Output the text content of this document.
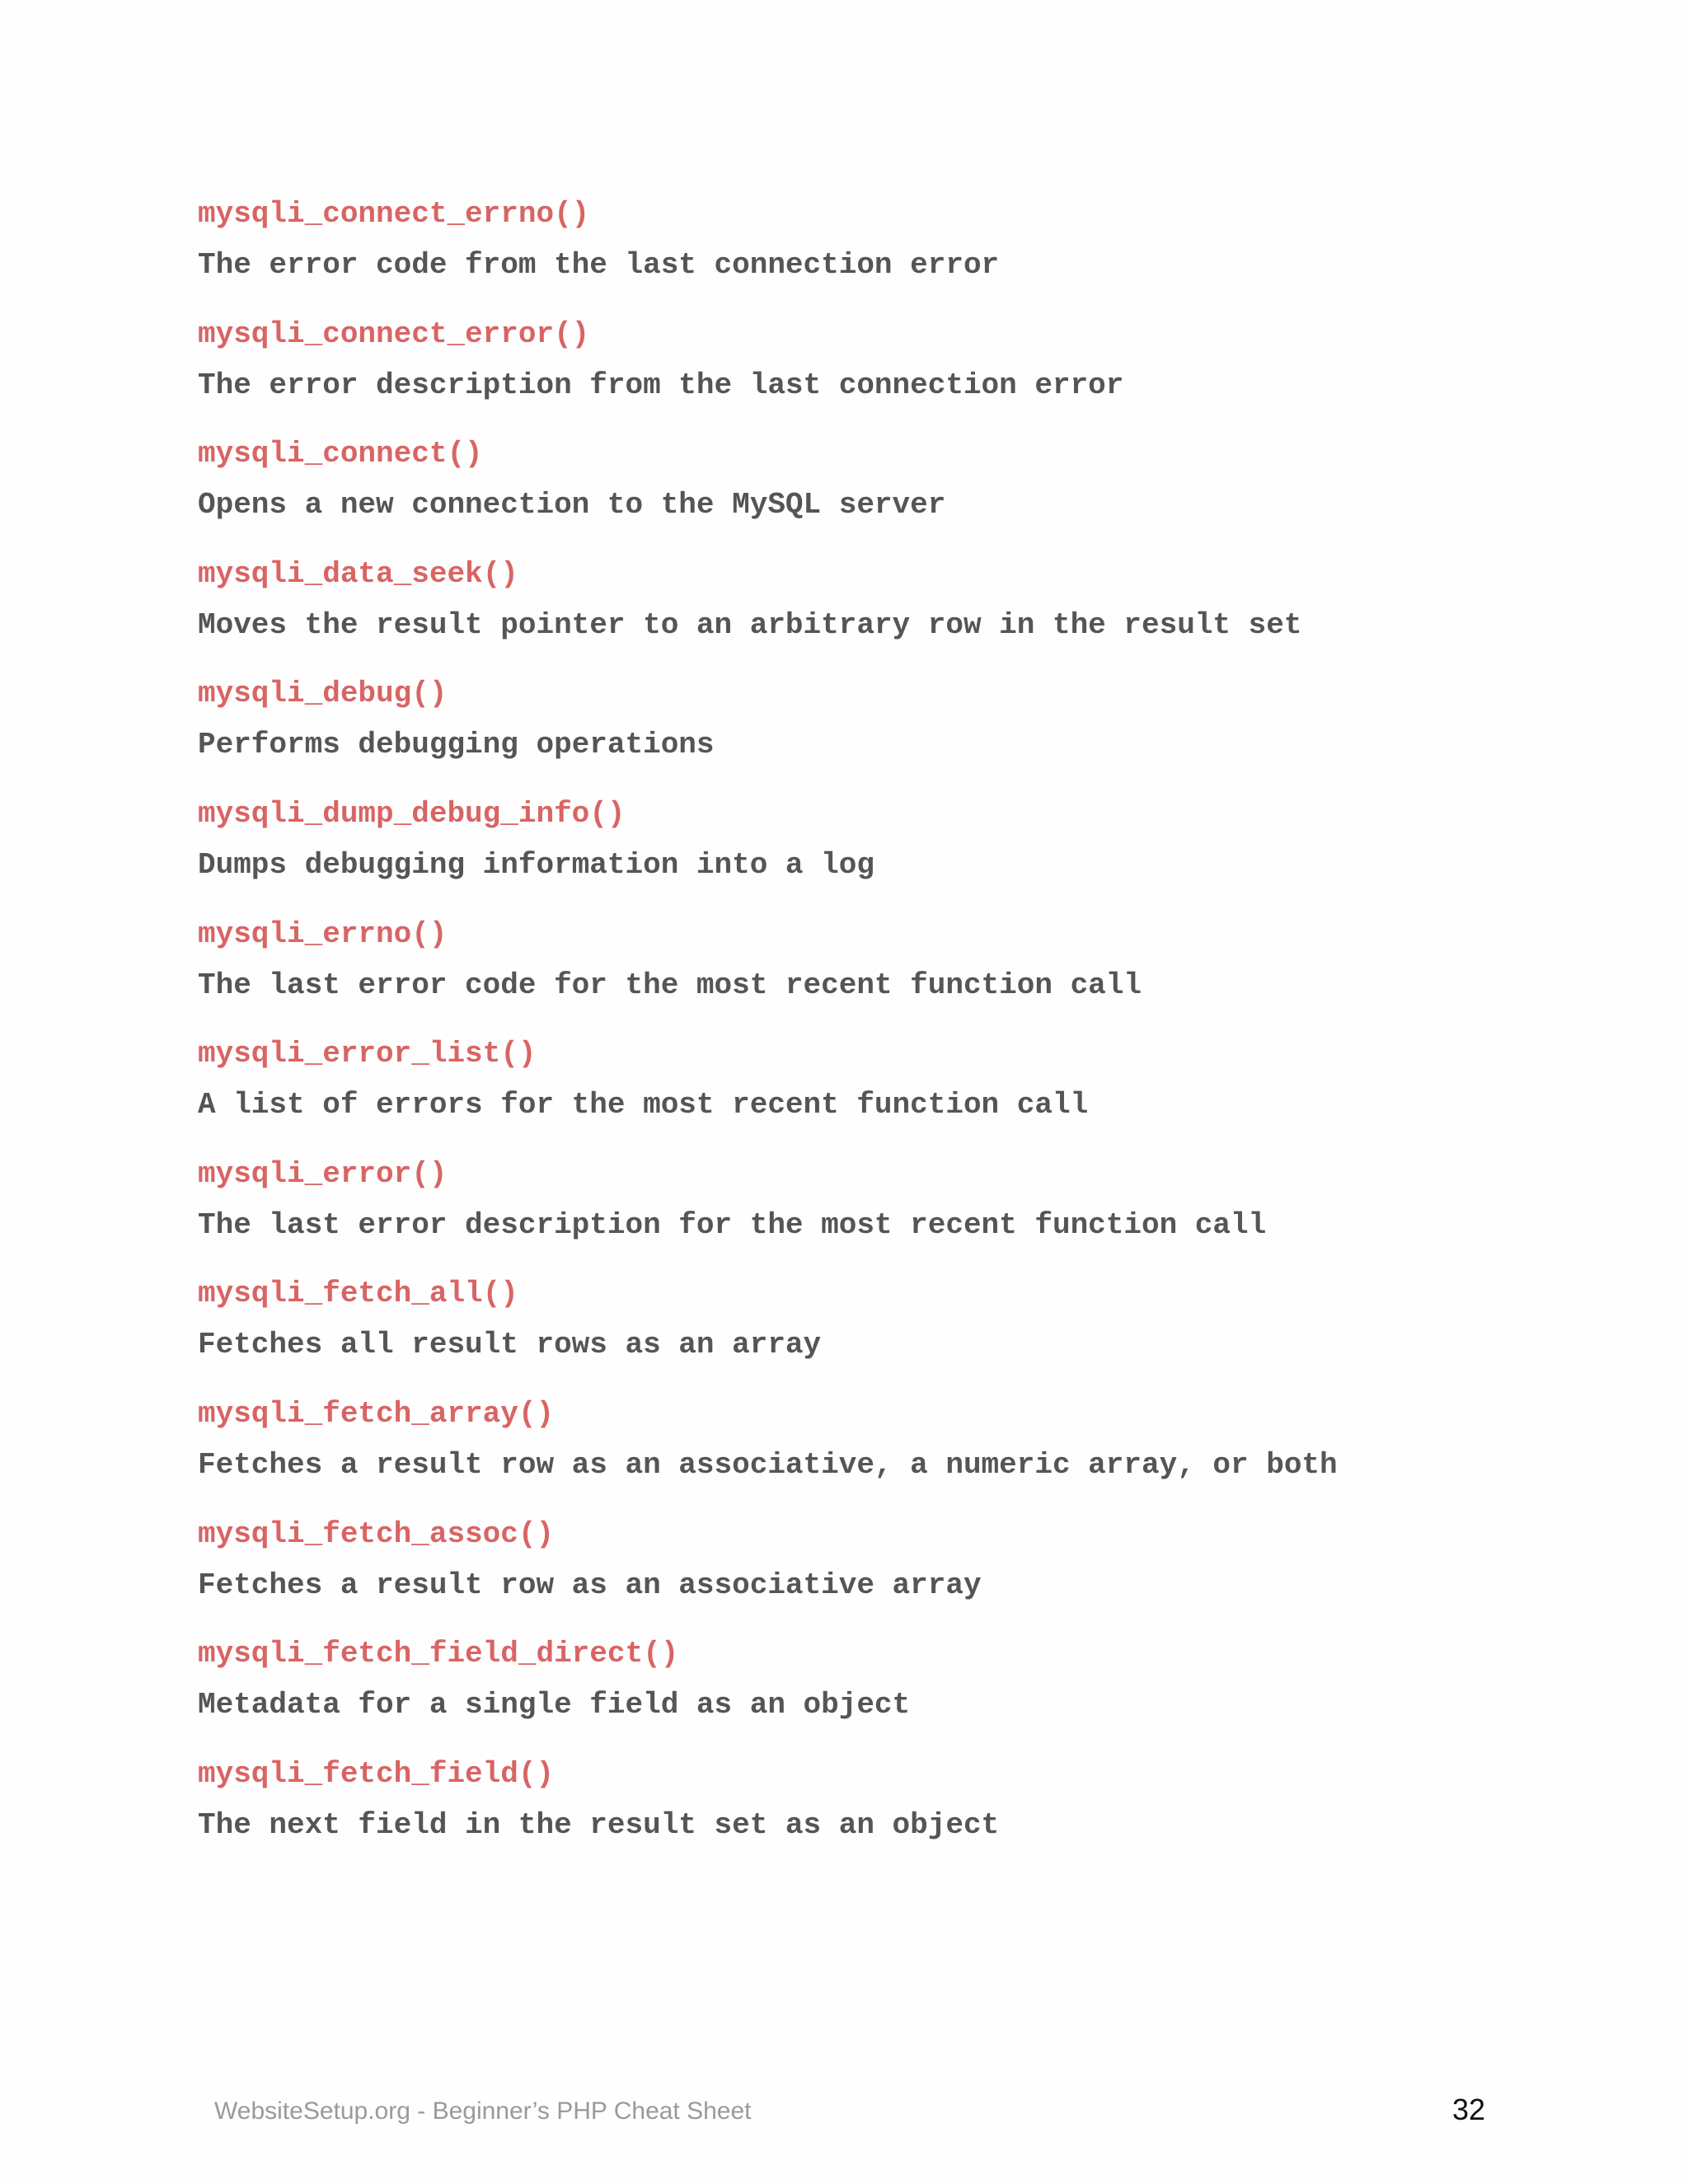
mysqli_connect_errno()
The error code from the last connection error
mysqli_connect_error()
The error description from the last connection error
mysqli_connect()
Opens a new connection to the MySQL server
mysqli_data_seek()
Moves the result pointer to an arbitrary row in the result set
mysqli_debug()
Performs debugging operations
mysqli_dump_debug_info()
Dumps debugging information into a log
mysqli_errno()
The last error code for the most recent function call
mysqli_error_list()
A list of errors for the most recent function call
mysqli_error()
The last error description for the most recent function call
mysqli_fetch_all()
Fetches all result rows as an array
mysqli_fetch_array()
Fetches a result row as an associative, a numeric array, or both
mysqli_fetch_assoc()
Fetches a result row as an associative array
mysqli_fetch_field_direct()
Metadata for a single field as an object
mysqli_fetch_field()
The next field in the result set as an object
WebsiteSetup.org - Beginner’s PHP Cheat Sheet	32
